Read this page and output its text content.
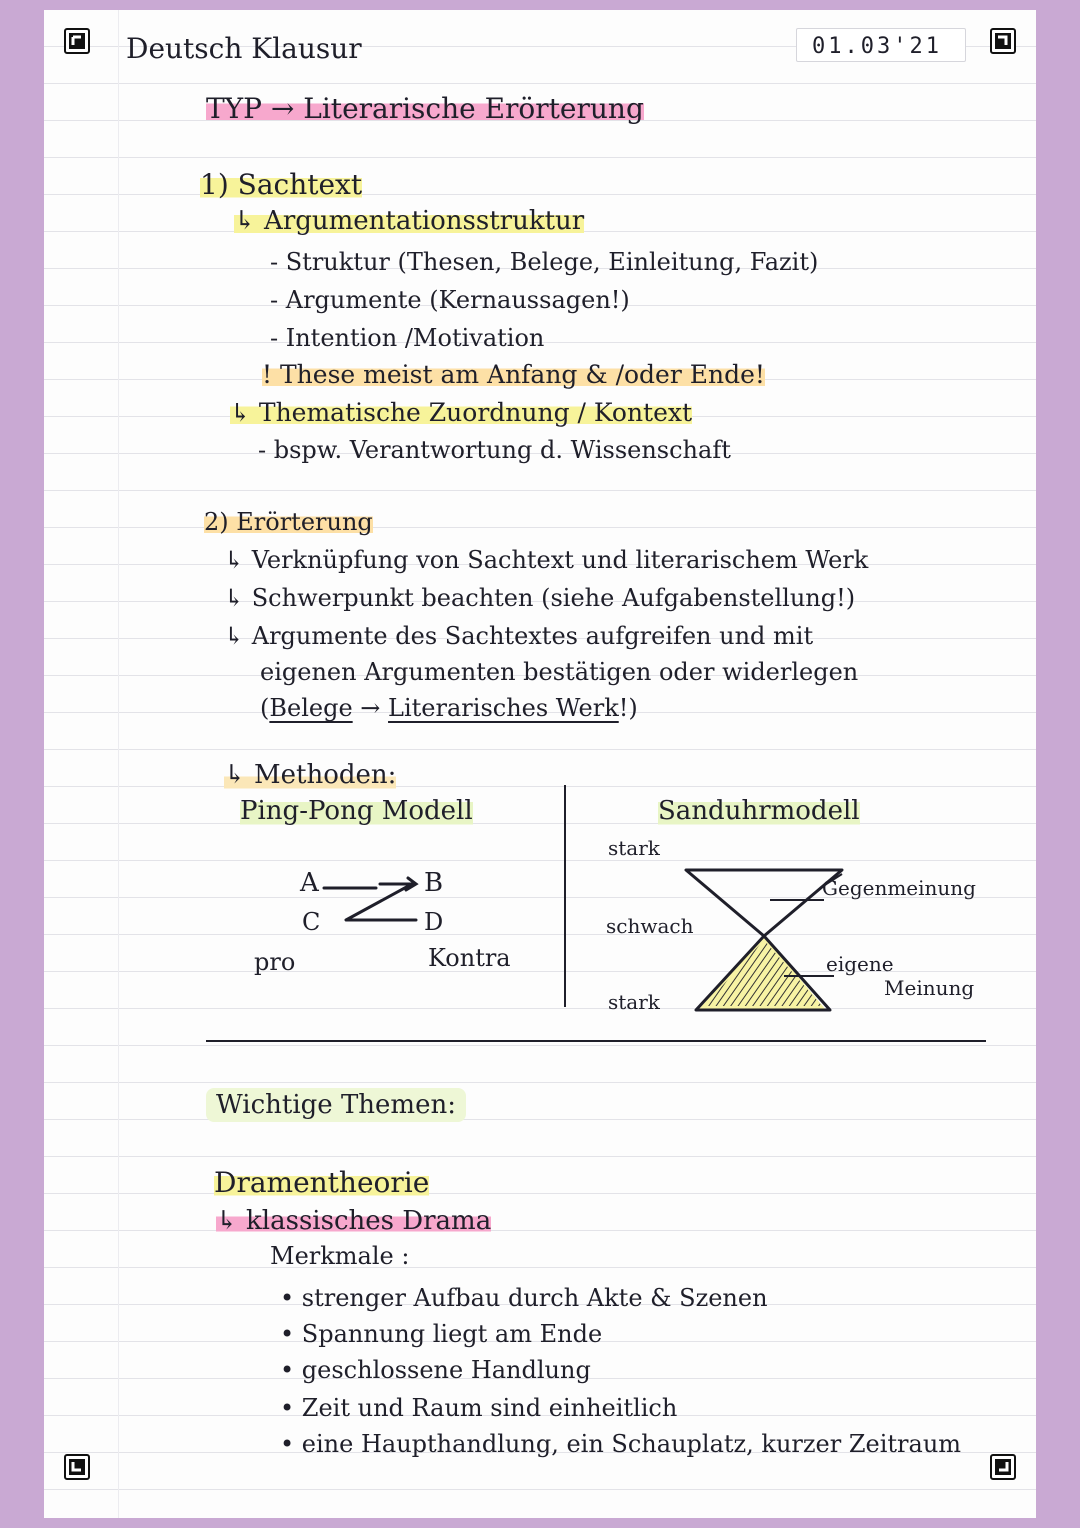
Deutsch Klausur	01.03'21
TYP → Literarische Erörterung
1) Sachtext
↳ Argumentationsstruktur
- Struktur (Thesen, Belege, Einleitung, Fazit)
- Argumente (Kernaussagen!)
- Intention /Motivation
! These meist am Anfang & /oder Ende!
↳ Thematische Zuordnung / Kontext
- bspw. Verantwortung d. Wissenschaft
2) Erörterung
↳ Verknüpfung von Sachtext und literarischem Werk
↳ Schwerpunkt beachten (siehe Aufgabenstellung!)
↳ Argumente des Sachtextes aufgreifen und mit
eigenen Argumenten bestätigen oder widerlegen
(Belege → Literarisches Werk!)
↳ Methoden:
Ping-Pong Modell
A	B
C	D
pro	Kontra
Sanduhrmodell
stark
schwach
stark
Gegenmeinung
eigene
Meinung
Wichtige Themen:
Dramentheorie
↳ klassisches Drama
Merkmale :
• strenger Aufbau durch Akte & Szenen
• Spannung liegt am Ende
• geschlossene Handlung
• Zeit und Raum sind einheitlich
• eine Haupthandlung, ein Schauplatz, kurzer Zeitraum
